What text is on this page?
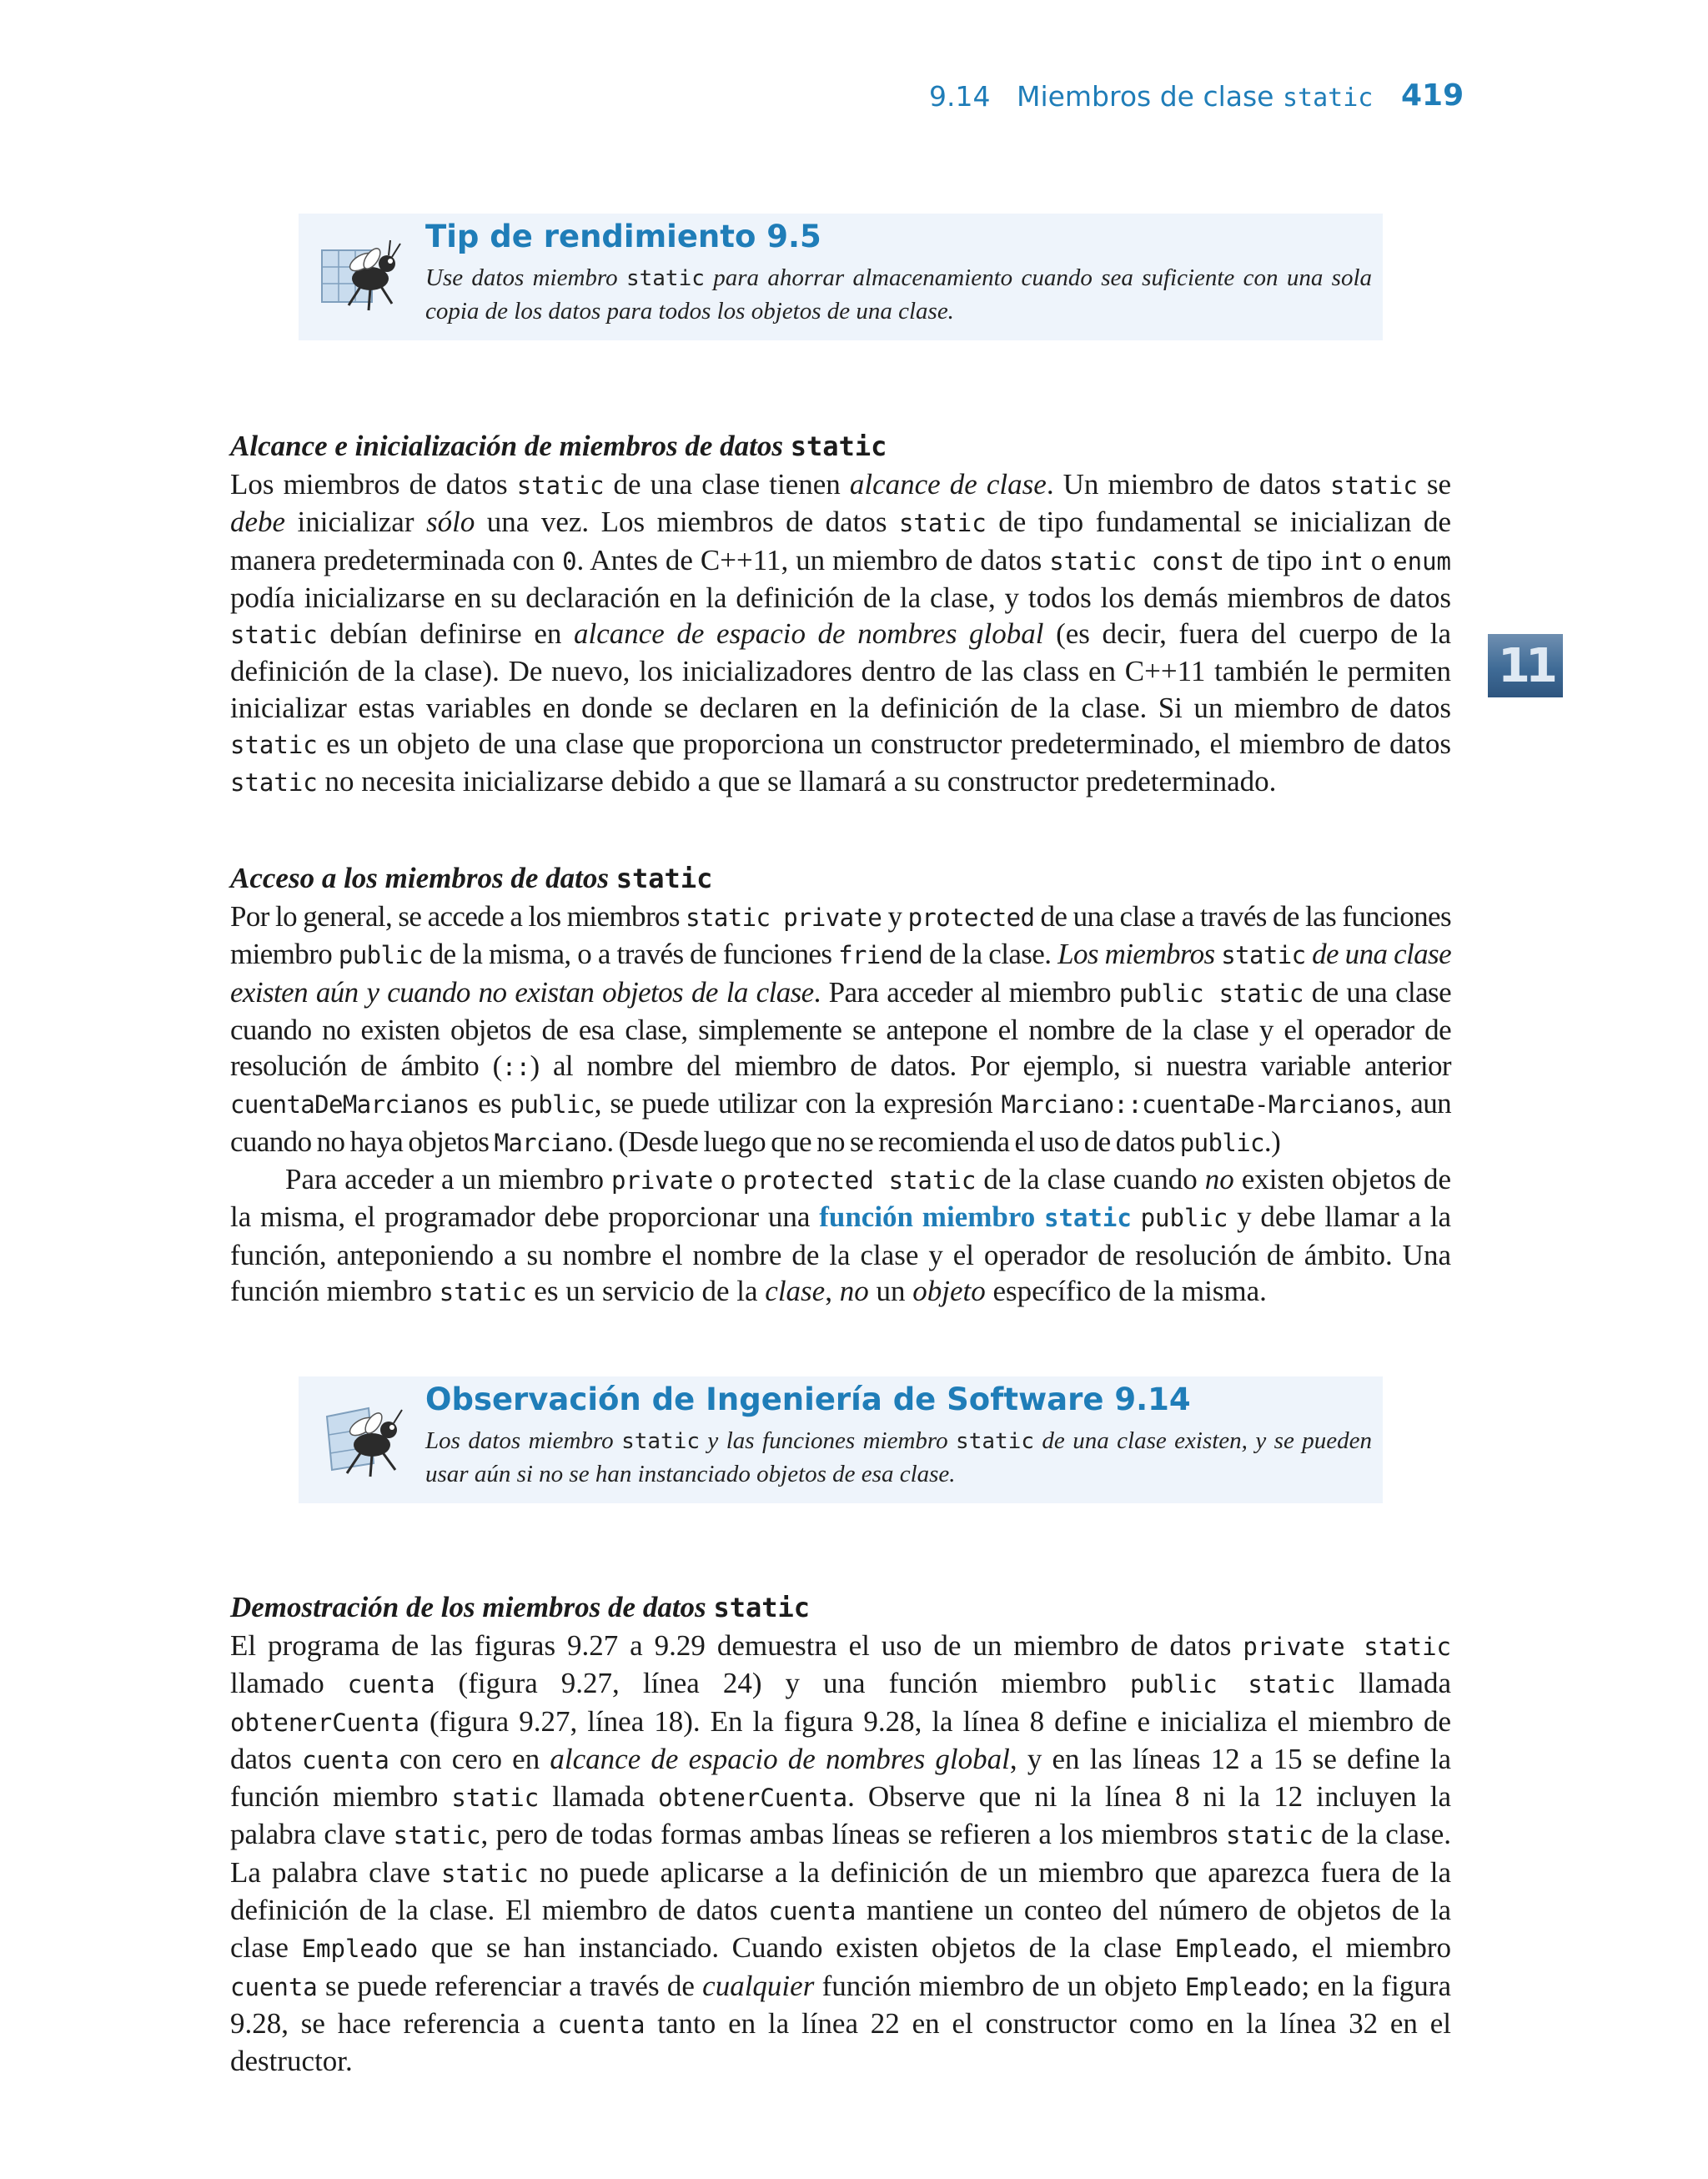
9.14 Miembros de clase static 419
Tip de rendimiento 9.5
Use datos miembro static para ahorrar almacenamiento cuando sea suficiente con una sola copia de los datos para todos los objetos de una clase.
11
Alcance e inicialización de miembros de datos static

Los miembros de datos static de una clase tienen alcance de clase. Un miembro de datos static se debe inicializar sólo una vez. Los miembros de datos static de tipo fundamental se inicializan de manera predeterminada con 0. Antes de C++11, un miembro de datos static const de tipo int o enum podía inicializarse en su declaración en la definición de la clase, y todos los demás miembros de datos static debían definirse en alcance de espacio de nombres global (es decir, fuera del cuerpo de la definición de la clase). De nuevo, los inicializadores dentro de las class en C++11 también le permiten inicializar estas variables en donde se declaren en la definición de la clase. Si un miembro de datos static es un objeto de una clase que proporciona un constructor predeterminado, el miembro de datos static no necesita inicializarse debido a que se llamará a su constructor predeterminado.

Acceso a los miembros de datos static

Por lo general, se accede a los miembros static private y protected de una clase a través de las funciones miembro public de la misma, o a través de funciones friend de la clase. Los miembros static de una clase existen aún y cuando no existan objetos de la clase. Para acceder al miembro public static de una clase cuando no existen objetos de esa clase, simplemente se antepone el nombre de la clase y el operador de resolución de ámbito (::) al nombre del miembro de datos. Por ejemplo, si nuestra variable anterior cuentaDeMarcianos es public, se puede utilizar con la expresión Marciano::cuentaDe-Marcianos, aun cuando no haya objetos Marciano. (Desde luego que no se recomienda el uso de datos public.)

Para acceder a un miembro private o protected static de la clase cuando no existen objetos de la misma, el programador debe proporcionar una función miembro static public y debe llamar a la función, anteponiendo a su nombre el nombre de la clase y el operador de resolución de ámbito. Una función miembro static es un servicio de la clase, no un objeto específico de la misma.

Observación de Ingeniería de Software 9.14
Los datos miembro static y las funciones miembro static de una clase existen, y se pueden usar aún si no se han instanciado objetos de esa clase.
Demostración de los miembros de datos static

El programa de las figuras 9.27 a 9.29 demuestra el uso de un miembro de datos private static llamado cuenta (figura 9.27, línea 24) y una función miembro public static llamada obtenerCuenta (figura 9.27, línea 18). En la figura 9.28, la línea 8 define e inicializa el miembro de datos cuenta con cero en alcance de espacio de nombres global, y en las líneas 12 a 15 se define la función miembro static llamada obtenerCuenta. Observe que ni la línea 8 ni la 12 incluyen la palabra clave static, pero de todas formas ambas líneas se refieren a los miembros static de la clase. La palabra clave static no puede aplicarse a la definición de un miembro que aparezca fuera de la definición de la clase. El miembro de datos cuenta mantiene un conteo del número de objetos de la clase Empleado que se han instanciado. Cuando existen objetos de la clase Empleado, el miembro cuenta se puede referenciar a través de cualquier función miembro de un objeto Empleado; en la figura 9.28, se hace referencia a cuenta tanto en la línea 22 en el constructor como en la línea 32 en el destructor.
